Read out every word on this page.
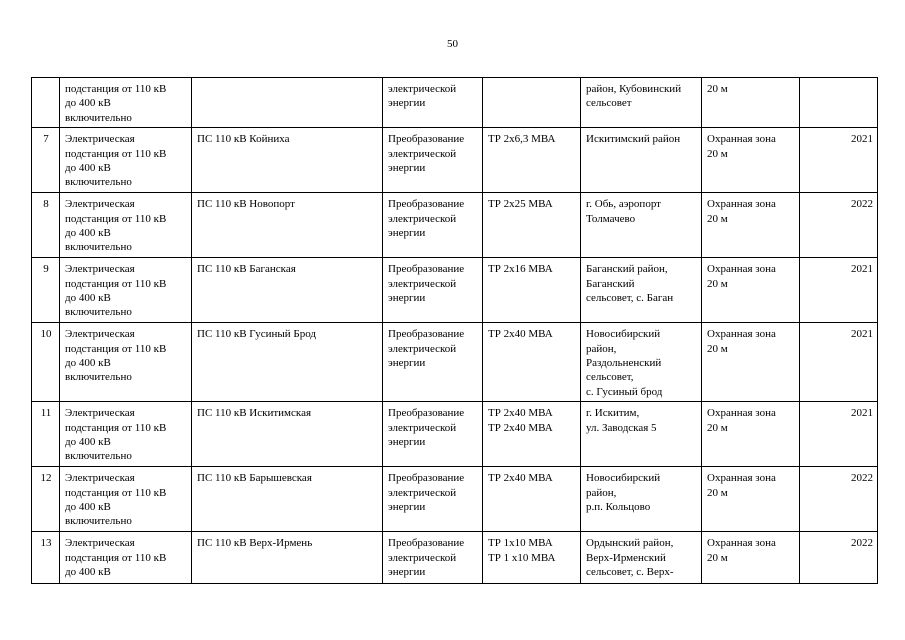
50
	подстанция от 110 кВ
до 400 кВ
включительно		электрической
энергии		район, Кубовинский
сельсовет	20 м	
7	Электрическая
подстанция от 110 кВ
до 400 кВ
включительно	ПС 110 кВ Койниха	Преобразование
электрической
энергии	ТР 2х6,3 МВА	Искитимский район	Охранная зона
20 м	2021
8	Электрическая
подстанция от 110 кВ
до 400 кВ
включительно	ПС 110 кВ Новопорт	Преобразование
электрической
энергии	ТР 2х25 МВА	г. Обь, аэропорт
Толмачево	Охранная зона
20 м	2022
9	Электрическая
подстанция от 110 кВ
до 400 кВ
включительно	ПС 110 кВ Баганская	Преобразование
электрической
энергии	ТР 2х16 МВА	Баганский район,
Баганский
сельсовет, с. Баган	Охранная зона
20 м	2021
10	Электрическая
подстанция от 110 кВ
до 400 кВ
включительно	ПС 110 кВ Гусиный Брод	Преобразование
электрической
энергии	ТР 2х40 МВА	Новосибирский
район,
Раздольненский
сельсовет,
с. Гусиный брод	Охранная зона
20 м	2021
11	Электрическая
подстанция от 110 кВ
до 400 кВ
включительно	ПС 110 кВ Искитимская	Преобразование
электрической
энергии	ТР 2х40 МВА
ТР 2х40 МВА	г. Искитим,
ул. Заводская 5	Охранная зона
20 м	2021
12	Электрическая
подстанция от 110 кВ
до 400 кВ
включительно	ПС 110 кВ Барышевская	Преобразование
электрической
энергии	ТР 2х40 МВА	Новосибирский
район,
р.п. Кольцово	Охранная зона
20 м	2022
13	Электрическая
подстанция от 110 кВ
до 400 кВ	ПС 110 кВ Верх-Ирмень	Преобразование
электрической
энергии	ТР 1х10 МВА
ТР 1 х10 МВА	Ордынский район,
Верх-Ирменский
сельсовет, с. Верх-	Охранная зона
20 м	2022
